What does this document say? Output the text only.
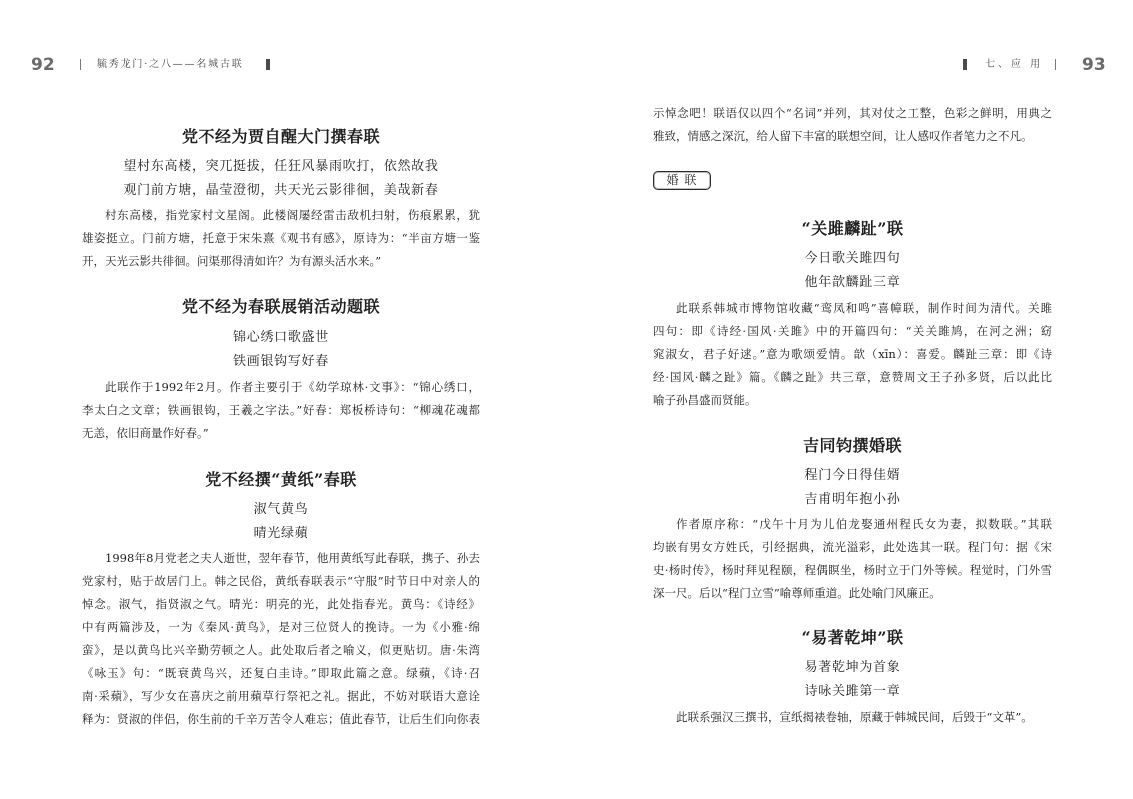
92	毓秀龙门·之八——名城古联
党不经为贾自醒大门撰春联
望村东高楼，突兀挺拔，任狂风暴雨吹打，依然故我
观门前方塘，晶莹澄彻，共天光云影徘徊，美哉新春
村东高楼，指党家村文星阁。此楼阁屡经雷击敌机扫射，伤痕累累，犹
雄姿挺立。门前方塘，托意于宋朱熹《观书有感》，原诗为：“半亩方塘一鉴
开，天光云影共徘徊。问渠那得清如许？为有源头活水来。”
党不经为春联展销活动题联
锦心绣口歌盛世
铁画银钩写好春
此联作于1992年2月。作者主要引于《幼学琼林·文事》：“锦心绣口，
李太白之文章；铁画银钩，王羲之字法。”好春：郑板桥诗句：“柳魂花魂都
无恙，依旧商量作好春。”
党不经撰“黄纸”春联
淑气黄鸟
晴光绿蘋
1998年8月党老之夫人逝世，翌年春节，他用黄纸写此春联，携子、孙去
党家村，贴于故居门上。韩之民俗，黄纸春联表示“守服”时节日中对亲人的
悼念。淑气，指贤淑之气。晴光：明亮的光，此处指春光。黄鸟：《诗经》
中有两篇涉及，一为《秦风·黄鸟》，是对三位贤人的挽诗。一为《小雅·绵
蛮》，是以黄鸟比兴辛勤劳顿之人。此处取后者之喻义，似更贴切。唐·朱湾
《咏玉》句：“既衰黄鸟兴，还复白圭诗。”即取此篇之意。绿蘋，《诗·召
南·采蘋》，写少女在喜庆之前用蘋草行祭祀之礼。据此，不妨对联语大意诠
释为：贤淑的伴侣，你生前的千辛万苦令人难忘；值此春节，让后生们向你表
七、应 用 93
示悼念吧！联语仅以四个“名词”并列，其对仗之工整，色彩之鲜明，用典之
雅致，情感之深沉，给人留下丰富的联想空间，让人感叹作者笔力之不凡。
婚 联
“关雎麟趾”联
今日歌关雎四句
他年歆麟趾三章
此联系韩城市博物馆收藏“鸾凤和鸣”喜幛联，制作时间为清代。关雎
四句：即《诗经·国风·关雎》中的开篇四句：“关关雎鸠，在河之洲；窈
窕淑女，君子好逑。”意为歌颂爱情。歆（xīn）：喜爱。麟趾三章：即《诗
经·国风·麟之趾》篇。《麟之趾》共三章，意赞周文王子孙多贤，后以此比
喻子孙昌盛而贤能。
吉同钧撰婚联
程门今日得佳婿
吉甫明年抱小孙
作者原序称：“戊午十月为儿伯龙娶通州程氏女为妻，拟数联。”其联
均嵌有男女方姓氏，引经据典，流光溢彩，此处选其一联。程门句：据《宋
史·杨时传》，杨时拜见程颐，程偶瞑坐，杨时立于门外等候。程觉时，门外雪
深一尺。后以“程门立雪”喻尊师重道。此处喻门风廉正。
“易著乾坤”联
易著乾坤为首象
诗咏关雎第一章
此联系强汉三撰书，宣纸揭裱卷轴，原藏于韩城民间，后毁于“文革”。
